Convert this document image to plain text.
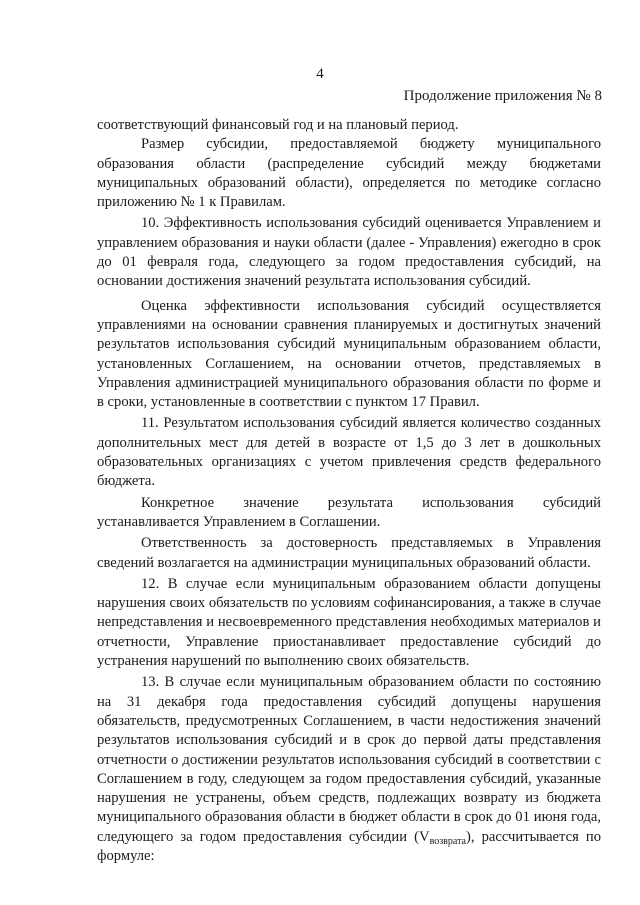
4
Продолжение приложения № 8

соответствующий финансовый год и на плановый период.

Размер субсидии, предоставляемой бюджету муниципального образования области (распределение субсидий между бюджетами муниципальных образований области), определяется по методике согласно приложению № 1 к Правилам.

10. Эффективность использования субсидий оценивается Управлением и управлением образования и науки области (далее - Управления) ежегодно в срок до 01 февраля года, следующего за годом предоставления субсидий, на основании достижения значений результата использования субсидий.

Оценка эффективности использования субсидий осуществляется управлениями на основании сравнения планируемых и достигнутых значений результатов использования субсидий муниципальным образованием области, установленных Соглашением, на основании отчетов, представляемых в Управления администрацией муниципального образования области по форме и в сроки, установленные в соответствии с пунктом 17 Правил.

11. Результатом использования субсидий является количество созданных дополнительных мест для детей в возрасте от 1,5 до 3 лет в дошкольных образовательных организациях с учетом привлечения средств федерального бюджета.

Конкретное значение результата использования субсидий устанавливается Управлением в Соглашении.

Ответственность за достоверность представляемых в Управления сведений возлагается на администрации муниципальных образований области.

12. В случае если муниципальным образованием области допущены нарушения своих обязательств по условиям софинансирования, а также в случае непредставления и несвоевременного представления необходимых материалов и отчетности, Управление приостанавливает предоставление субсидий до устранения нарушений по выполнению своих обязательств.

13. В случае если муниципальным образованием области по состоянию на 31 декабря года предоставления субсидий допущены нарушения обязательств, предусмотренных Соглашением, в части недостижения значений результатов использования субсидий и в срок до первой даты представления отчетности о достижении результатов использования субсидий в соответствии с Соглашением в году, следующем за годом предоставления субсидий, указанные нарушения не устранены, объем средств, подлежащих возврату из бюджета муниципального образования области в бюджет области в срок до 01 июня года, следующего за годом предоставления субсидии $(V_{возврата})$, рассчитывается по формуле:
